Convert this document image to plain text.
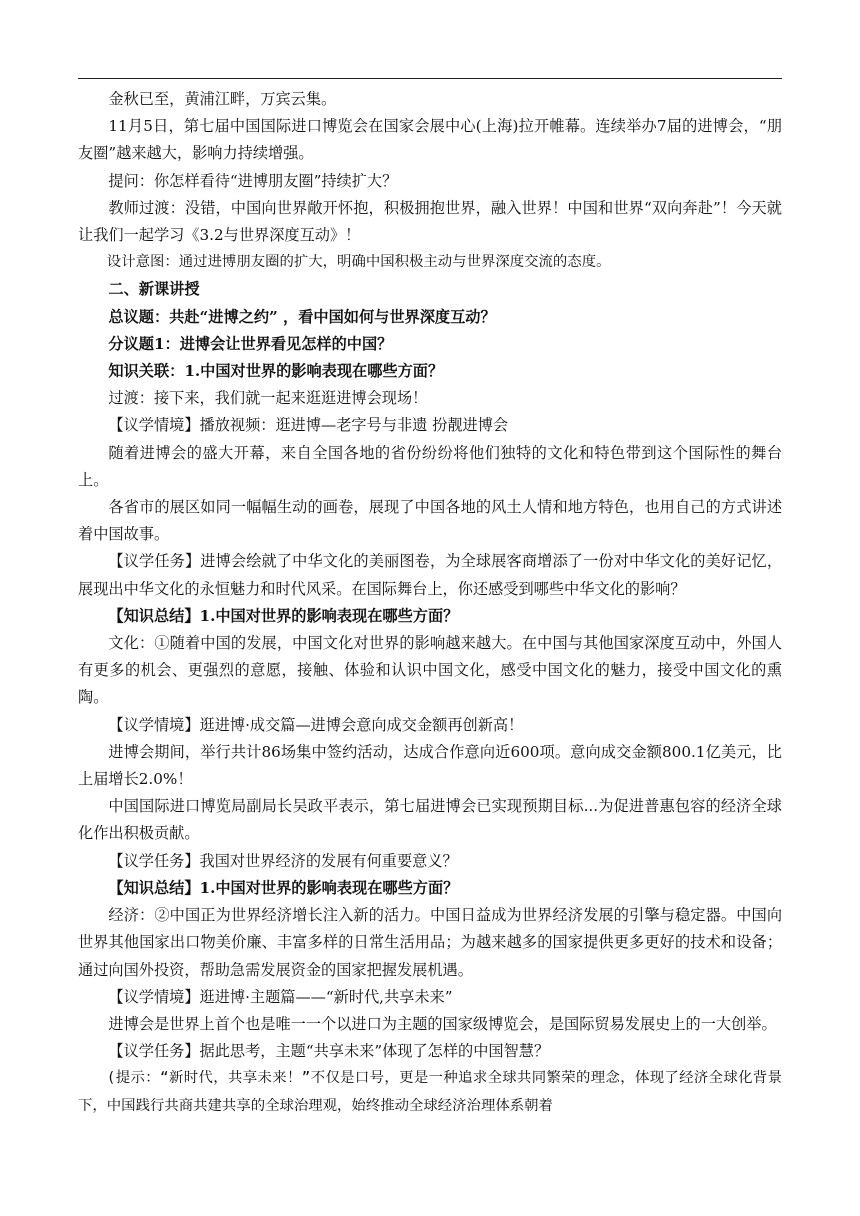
金秋已至，黄浦江畔，万宾云集。

11月5日，第七届中国国际进口博览会在国家会展中心(上海)拉开帷幕。连续举办7届的进博会，“朋友圈”越来越大，影响力持续增强。

提问：你怎样看待“进博朋友圈”持续扩大？

教师过渡：没错，中国向世界敞开怀抱，积极拥抱世界，融入世界！中国和世界“双向奔赴”！今天就让我们一起学习《3.2与世界深度互动》！

设计意图：通过进博朋友圈的扩大，明确中国积极主动与世界深度交流的态度。

二、新课讲授

总议题：共赴“进博之约” ，看中国如何与世界深度互动？

分议题1：进博会让世界看见怎样的中国？

知识关联：1.中国对世界的影响表现在哪些方面？

过渡：接下来，我们就一起来逛逛进博会现场！

【议学情境】播放视频：逛进博—老字号与非遗 扮靓进博会

随着进博会的盛大开幕，来自全国各地的省份纷纷将他们独特的文化和特色带到这个国际性的舞台上。

各省市的展区如同一幅幅生动的画卷，展现了中国各地的风土人情和地方特色，也用自己的方式讲述着中国故事。

【议学任务】进博会绘就了中华文化的美丽图卷，为全球展客商增添了一份对中华文化的美好记忆，展现出中华文化的永恒魅力和时代风采。在国际舞台上，你还感受到哪些中华文化的影响？

【知识总结】1.中国对世界的影响表现在哪些方面？

文化：①随着中国的发展，中国文化对世界的影响越来越大。在中国与其他国家深度互动中，外国人有更多的机会、更强烈的意愿，接触、体验和认识中国文化，感受中国文化的魅力，接受中国文化的熏陶。

【议学情境】逛进博·成交篇—进博会意向成交金额再创新高！

进博会期间，举行共计86场集中签约活动，达成合作意向近600项。意向成交金额800.1亿美元，比上届增长2.0%！

中国国际进口博览局副局长吴政平表示，第七届进博会已实现预期目标...为促进普惠包容的经济全球化作出积极贡献。

【议学任务】我国对世界经济的发展有何重要意义？

【知识总结】1.中国对世界的影响表现在哪些方面？

经济：②中国正为世界经济增长注入新的活力。中国日益成为世界经济发展的引擎与稳定器。中国向世界其他国家出口物美价廉、丰富多样的日常生活用品；为越来越多的国家提供更多更好的技术和设备；通过向国外投资，帮助急需发展资金的国家把握发展机遇。

【议学情境】逛进博·主题篇——“新时代,共享未来”

进博会是世界上首个也是唯一一个以进口为主题的国家级博览会，是国际贸易发展史上的一大创举。

【议学任务】据此思考，主题“共享未来”体现了怎样的中国智慧？

(提示：“新时代，共享未来！”不仅是口号，更是一种追求全球共同繁荣的理念，体现了经济全球化背景下，中国践行共商共建共享的全球治理观，始终推动全球经济治理体系朝着
